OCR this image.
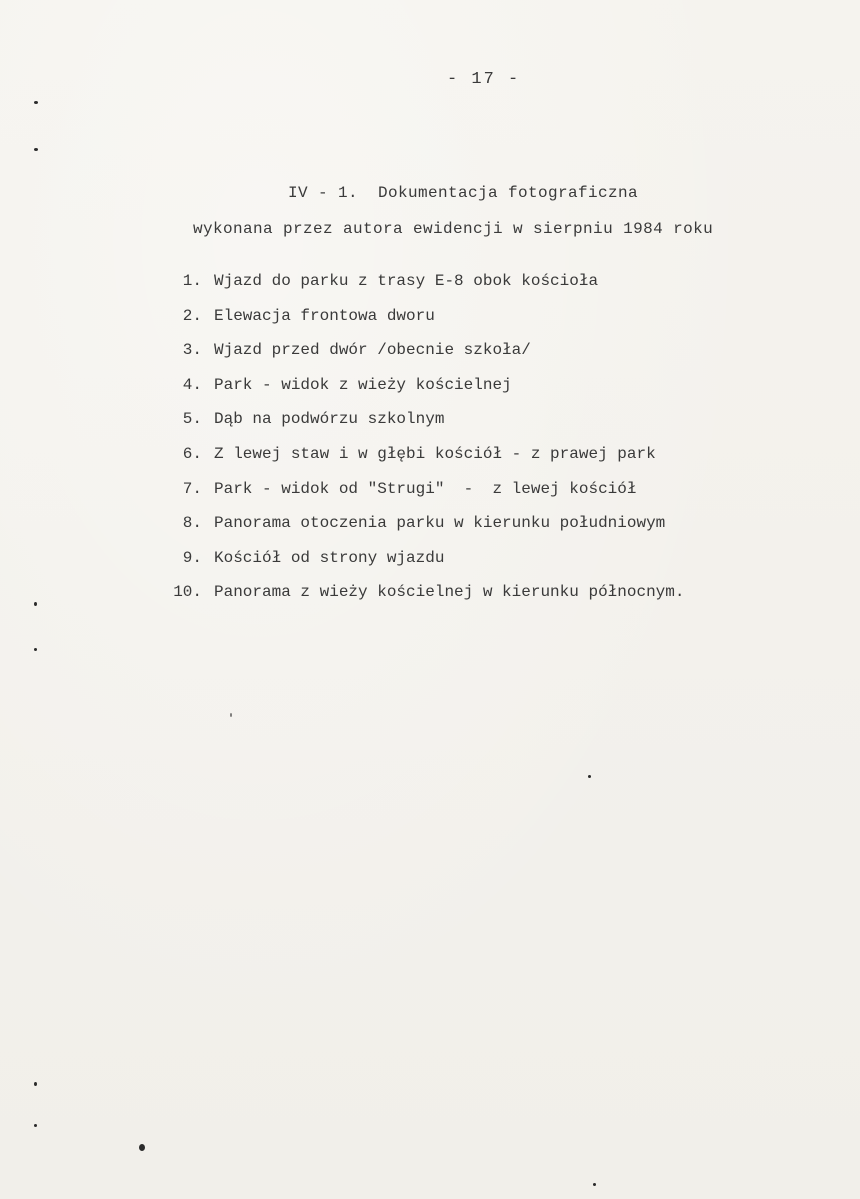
- 17 -
IV - 1.  Dokumentacja fotograficzna
wykonana przez autora ewidencji w sierpniu 1984 roku
1. Wjazd do parku z trasy E-8 obok kościoła
2. Elewacja frontowa dworu
3. Wjazd przed dwór /obecnie szkoła/
4. Park - widok z wieży kościelnej
5. Dąb na podwórzu szkolnym
6. Z lewej staw i w głębi kościół - z prawej park
7. Park - widok od "Strugi"  -  z lewej kościół
8. Panorama otoczenia parku w kierunku południowym
9. Kościół od strony wjazdu
10. Panorama z wieży kościelnej w kierunku północnym.
